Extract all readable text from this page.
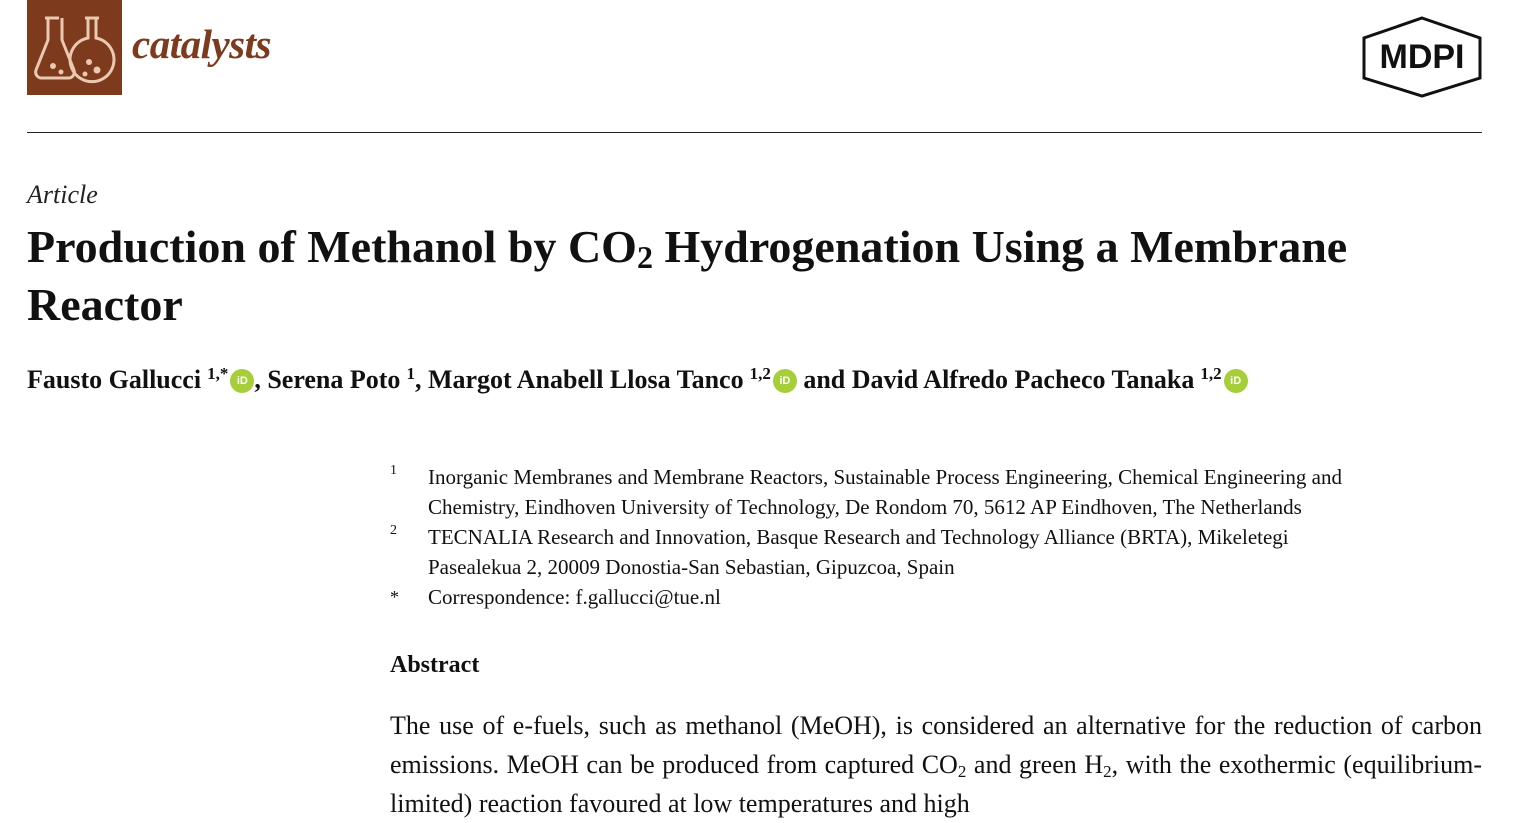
catalysts	MDPI
Article
Production of Methanol by $CO_2$ Hydrogenation Using a Membrane Reactor
Fausto Gallucci $^{1,*}$ iD , Serena Poto $^1$, Margot Anabell Llosa Tanco $^{1,2}$ iD and David Alfredo Pacheco Tanaka $^{1,2}$ iD
1 Inorganic Membranes and Membrane Reactors, Sustainable Process Engineering, Chemical Engineering and
Chemistry, Eindhoven University of Technology, De Rondom 70, 5612 AP Eindhoven, The Netherlands
2 TECNALIA Research and Innovation, Basque Research and Technology Alliance (BRTA), Mikeletegi
Pasealekua 2, 20009 Donostia-San Sebastian, Gipuzcoa, Spain
* Correspondence: f.gallucci@tue.nl
Abstract
The use of e-fuels, such as methanol (MeOH), is considered an alternative for the reduction of carbon emissions. MeOH can be produced from captured $CO_2$ and green $H_2$, with the exothermic (equilibrium-limited) reaction favoured at low temperatures and high
